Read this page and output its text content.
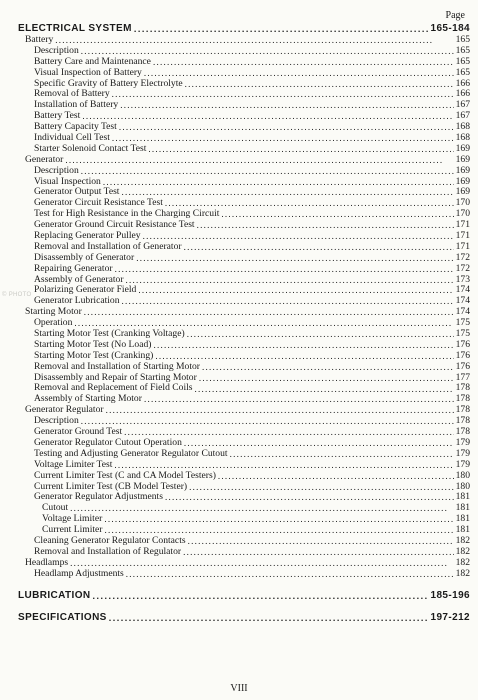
Page
© PHOTO
ELECTRICAL SYSTEM . . .	165-184
Battery . . .	165
Description . . .	165
Battery Care and Maintenance . . .	165
Visual Inspection of Battery . . .	165
Specific Gravity of Battery Electrolyte . . .	166
Removal of Battery . . .	166
Installation of Battery . . .	167
Battery Test . . .	167
Battery Capacity Test . . .	168
Individual Cell Test . . .	168
Starter Solenoid Contact Test . . .	169
Generator . . .	169
Description . . .	169
Visual Inspection . . .	169
Generator Output Test . . .	169
Generator Circuit Resistance Test . . .	170
Test for High Resistance in the Charging Circuit . . .	170
Generator Ground Circuit Resistance Test . . .	171
Replacing Generator Pulley . . .	171
Removal and Installation of Generator . . .	171
Disassembly of Generator . . .	172
Repairing Generator . . .	172
Assembly of Generator . . .	173
Polarizing Generator Field . . .	174
Generator Lubrication . . .	174
Starting Motor . . .	174
Operation . . .	175
Starting Motor Test (Cranking Voltage) . . .	175
Starting Motor Test (No Load) . . .	176
Starting Motor Test (Cranking) . . .	176
Removal and Installation of Starting Motor . . .	176
Disassembly and Repair of Starting Motor . . .	177
Removal and Replacement of Field Coils . . .	178
Assembly of Starting Motor . . .	178
Generator Regulator . . .	178
Description . . .	178
Generator Ground Test . . .	178
Generator Regulator Cutout Operation . . .	179
Testing and Adjusting Generator Regulator Cutout . . .	179
Voltage Limiter Test . . .	179
Current Limiter Test (C and CA Model Testers) . . .	180
Current Limiter Test (CB Model Tester) . . .	180
Generator Regulator Adjustments . . .	181
Cutout . . .	181
Voltage Limiter . . .	181
Current Limiter . . .	181
Cleaning Generator Regulator Contacts . . .	182
Removal and Installation of Regulator . . .	182
Headlamps . . .	182
Headlamp Adjustments . . .	182
LUBRICATION . . .	185-196
SPECIFICATIONS . . .	197-212
VIII
